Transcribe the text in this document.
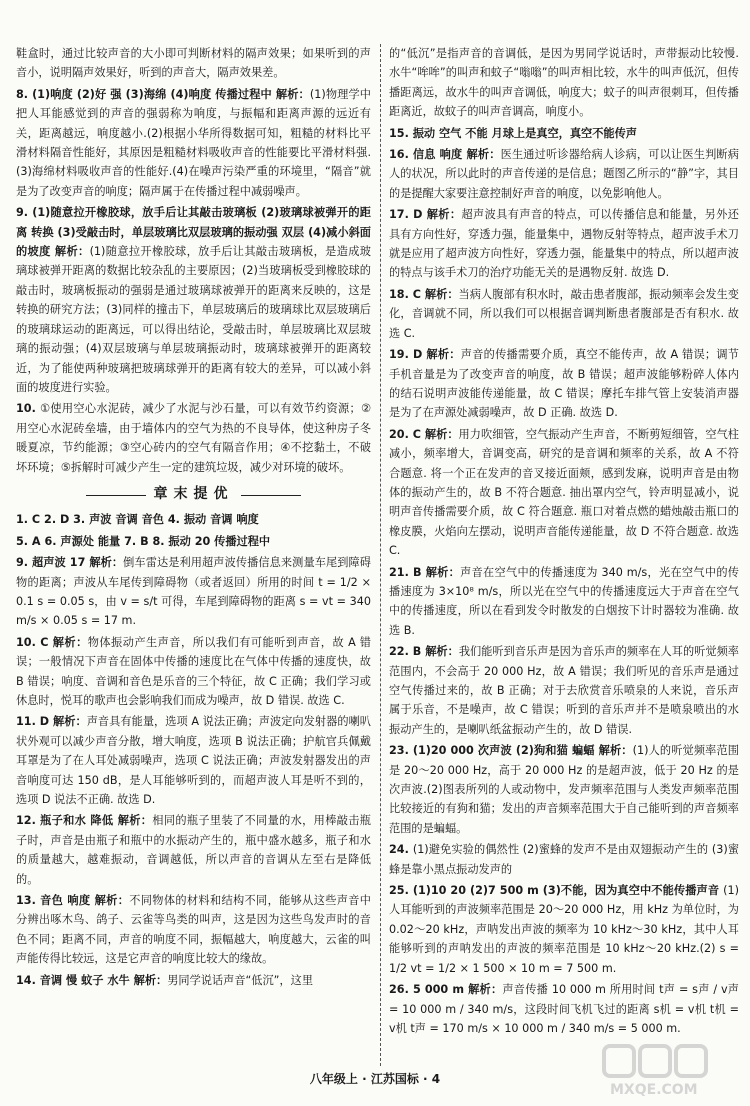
鞋盒时，通过比较声音的大小即可判断材料的隔声效果；如果听到的声音小，说明隔声效果好，听到的声音大，隔声效果差。
8. (1)响度 (2)好 强 (3)海绵 (4)响度 传播过程中 解析：(1)物理学中把人耳能感觉到的声音的强弱称为响度，与振幅和距离声源的远近有关，距离越远，响度越小.(2)根据小华所得数据可知，粗糙的材料比平滑材料隔音性能好，其原因是粗糙材料吸收声音的性能要比平滑材料强.(3)海绵材料吸收声音的性能好.(4)在噪声污染严重的环境里，“隔音”就是为了改变声音的响度；隔声属于在传播过程中减弱噪声。
9. (1)随意拉开橡胶球，放手后让其敲击玻璃板 (2)玻璃球被弹开的距离 转换 (3)受敲击时，单层玻璃比双层玻璃的振动强 双层 (4)减小斜面的坡度 解析：(1)随意拉开橡胶球，放手后让其敲击玻璃板，是造成玻璃球被弹开距离的数据比较杂乱的主要原因；(2)当玻璃板受到橡胶球的敲击时，玻璃板振动的强弱是通过玻璃球被弹开的距离来反映的，这是转换的研究方法；(3)同样的撞击下，单层玻璃后的玻璃球比双层玻璃后的玻璃球运动的距离远，可以得出结论，受敲击时，单层玻璃比双层玻璃的振动强；(4)双层玻璃与单层玻璃振动时，玻璃球被弹开的距离较近，为了能使两种玻璃把玻璃球弹开的距离有较大的差异，可以减小斜面的坡度进行实验。
10. ①使用空心水泥砖，减少了水泥与沙石量，可以有效节约资源；②用空心水泥砖垒墙，由于墙体内的空气为热的不良导体，使这种房子冬暖夏凉，节约能源；③空心砖内的空气有隔音作用；④不挖黏土，不破坏环境；⑤拆解时可减少产生一定的建筑垃圾，减少对环境的破坏。
章末提优
1. C 2. D 3. 声波 音调 音色 4. 振动 音调 响度
5. A 6. 声源处 能量 7. B 8. 振动 20 传播过程中
9. 超声波 17 解析：倒车雷达是利用超声波传播信息来测量车尾到障碍物的距离；声波从车尾传到障碍物（或者返回）所用的时间 t = 1/2 × 0.1 s = 0.05 s，由 v = s/t 可得，车尾到障碍物的距离 s = vt = 340 m/s × 0.05 s = 17 m.
10. C 解析：物体振动产生声音，所以我们有可能听到声音，故 A 错误；一般情况下声音在固体中传播的速度比在气体中传播的速度快，故 B 错误；响度、音调和音色是乐音的三个特征，故 C 正确；我们学习或休息时，悦耳的歌声也会影响我们而成为噪声，故 D 错误. 故选 C.
11. D 解析：声音具有能量，选项 A 说法正确；声波定向发射器的喇叭状外观可以减少声音分散，增大响度，选项 B 说法正确；护航官兵佩戴耳罩是为了在人耳处减弱噪声，选项 C 说法正确；声波发射器发出的声音响度可达 150 dB，是人耳能够听到的，而超声波人耳是听不到的，选项 D 说法不正确. 故选 D.
12. 瓶子和水 降低 解析：相同的瓶子里装了不同量的水，用棒敲击瓶子时，声音是由瓶子和瓶中的水振动产生的，瓶中盛水越多，瓶子和水的质量越大，越难振动，音调越低，所以声音的音调从左至右是降低的。
13. 音色 响度 解析：不同物体的材料和结构不同，能够从这些声音中分辨出啄木鸟、鸽子、云雀等鸟类的叫声，这是因为这些鸟发声时的音色不同；距离不同，声音的响度不同，振幅越大，响度越大，云雀的叫声能传得比较远，这是它声音的响度比较大的缘故。
14. 音调 慢 蚊子 水牛 解析：男同学说话声音“低沉”，这里
的“低沉”是指声音的音调低，是因为男同学说话时，声带振动比较慢. 水牛“哞哞”的叫声和蚊子“嗡嗡”的叫声相比较，水牛的叫声低沉，但传播距离远，故水牛的叫声音调低，响度大；蚊子的叫声很刺耳，但传播距离近，故蚊子的叫声音调高，响度小。
15. 振动 空气 不能 月球上是真空，真空不能传声
16. 信息 响度 解析：医生通过听诊器给病人诊病，可以让医生判断病人的状况，所以此时的声音传递的是信息；题图乙所示的“静”字，其目的是提醒大家要注意控制好声音的响度，以免影响他人。
17. D 解析：超声波具有声音的特点，可以传播信息和能量，另外还具有方向性好，穿透力强，能量集中，遇物反射等特点，超声波手术刀就是应用了超声波方向性好，穿透力强，能量集中的特点，所以超声波的特点与该手术刀的治疗功能无关的是遇物反射. 故选 D.
18. C 解析：当病人腹部有积水时，敲击患者腹部，振动频率会发生变化，音调就不同，所以我们可以根据音调判断患者腹部是否有积水. 故选 C.
19. D 解析：声音的传播需要介质，真空不能传声，故 A 错误；调节手机音量是为了改变声音的响度，故 B 错误；超声波能够粉碎人体内的结石说明声波能传递能量，故 C 错误；摩托车排气管上安装消声器是为了在声源处减弱噪声，故 D 正确. 故选 D.
20. C 解析：用力吹细管，空气振动产生声音，不断剪短细管，空气柱减小，频率增大，音调变高，研究的是音调和频率的关系，故 A 不符合题意. 将一个正在发声的音叉接近面颊，感到发麻，说明声音是由物体的振动产生的，故 B 不符合题意. 抽出罩内空气，铃声明显减小，说明声音传播需要介质，故 C 符合题意. 瓶口对着点燃的蜡烛敲击瓶口的橡皮膜，火焰向左摆动，说明声音能传递能量，故 D 不符合题意. 故选 C.
21. B 解析：声音在空气中的传播速度为 340 m/s，光在空气中的传播速度为 3×10⁸ m/s，所以光在空气中的传播速度远大于声音在空气中的传播速度，所以在看到发令时散发的白烟按下计时器较为准确. 故选 B.
22. B 解析：我们能听到音乐声是因为音乐声的频率在人耳的听觉频率范围内，不会高于 20 000 Hz，故 A 错误；我们听见的音乐声是通过空气传播过来的，故 B 正确；对于去欣赏音乐喷泉的人来说，音乐声属于乐音，不是噪声，故 C 错误；听到的音乐声并不是喷泉喷出的水振动产生的，是喇叭纸盆振动产生的，故 D 错误.
23. (1)20 000 次声波 (2)狗和猫 蝙蝠 解析：(1)人的听觉频率范围是 20～20 000 Hz，高于 20 000 Hz 的是超声波，低于 20 Hz 的是次声波.(2)图表所列的人或动物中，发声频率范围与人类发声频率范围比较接近的有狗和猫；发出的声音频率范围大于自己能听到的声音频率范围的是蝙蝠。
24. (1)避免实验的偶然性 (2)蜜蜂的发声不是由双翅振动产生的 (3)蜜蜂是靠小黑点振动发声的
25. (1)10 20 (2)7 500 m (3)不能，因为真空中不能传播声音 (1)人耳能听到的声波频率范围是 20～20 000 Hz，用 kHz 为单位时，为 0.02～20 kHz，声呐发出声波的频率为 10 kHz～30 kHz，其中人耳能够听到的声呐发出的声波的频率范围是 10 kHz～20 kHz.(2) s = 1/2 vt = 1/2 × 1 500 × 10 m = 7 500 m.
26. 5 000 m 解析：声音传播 10 000 m 所用时间 t声 = s声 / v声 = 10 000 m / 340 m/s，这段时间飞机飞过的距离 s机 = v机 t机 = v机 t声 = 170 m/s × 10 000 m / 340 m/s = 5 000 m.
八年级上 · 江苏国标 · 4
MXQE.COM
